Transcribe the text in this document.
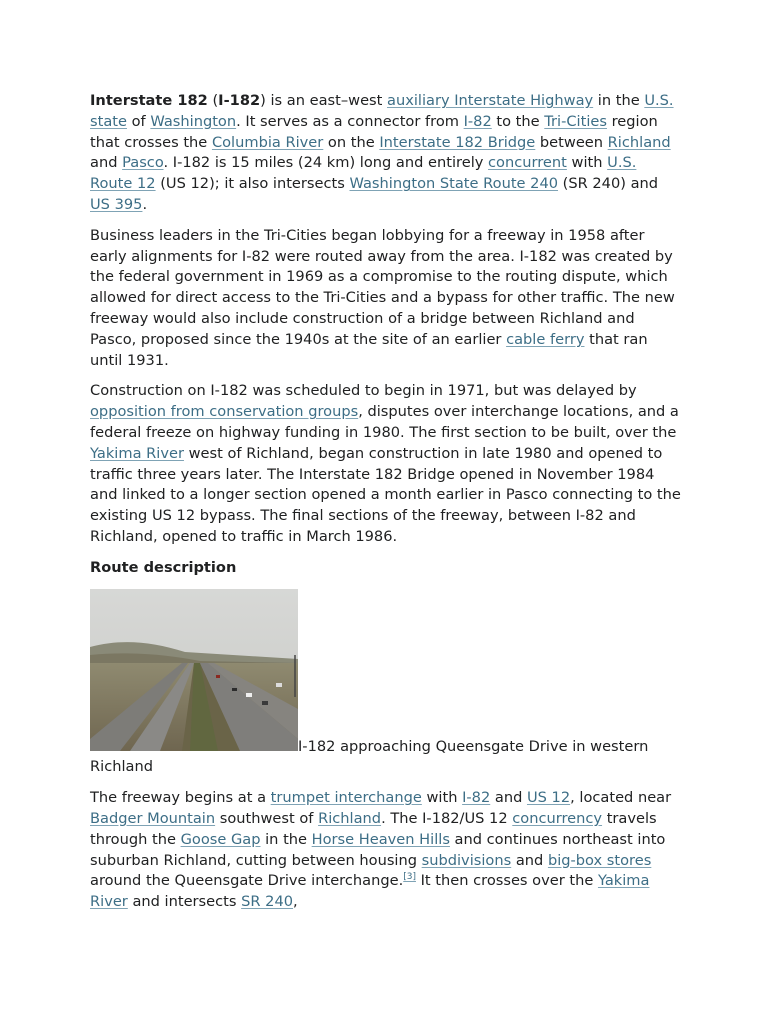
Interstate 182 (I-182) is an east–west auxiliary Interstate Highway in the U.S. state of Washington. It serves as a connector from I-82 to the Tri-Cities region that crosses the Columbia River on the Interstate 182 Bridge between Richland and Pasco. I-182 is 15 miles (24 km) long and entirely concurrent with U.S. Route 12 (US 12); it also intersects Washington State Route 240 (SR 240) and US 395.

Business leaders in the Tri-Cities began lobbying for a freeway in 1958 after early alignments for I-82 were routed away from the area. I-182 was created by the federal government in 1969 as a compromise to the routing dispute, which allowed for direct access to the Tri-Cities and a bypass for other traffic. The new freeway would also include construction of a bridge between Richland and Pasco, proposed since the 1940s at the site of an earlier cable ferry that ran until 1931.

Construction on I-182 was scheduled to begin in 1971, but was delayed by opposition from conservation groups, disputes over interchange locations, and a federal freeze on highway funding in 1980. The first section to be built, over the Yakima River west of Richland, began construction in late 1980 and opened to traffic three years later. The Interstate 182 Bridge opened in November 1984 and linked to a longer section opened a month earlier in Pasco connecting to the existing US 12 bypass. The final sections of the freeway, between I-82 and Richland, opened to traffic in March 1986.

Route description

I-182 approaching Queensgate Drive in western Richland

The freeway begins at a trumpet interchange with I-82 and US 12, located near Badger Mountain southwest of Richland. The I-182/US 12 concurrency travels through the Goose Gap in the Horse Heaven Hills and continues northeast into suburban Richland, cutting between housing subdivisions and big-box stores around the Queensgate Drive interchange.[3] It then crosses over the Yakima River and intersects SR 240,
